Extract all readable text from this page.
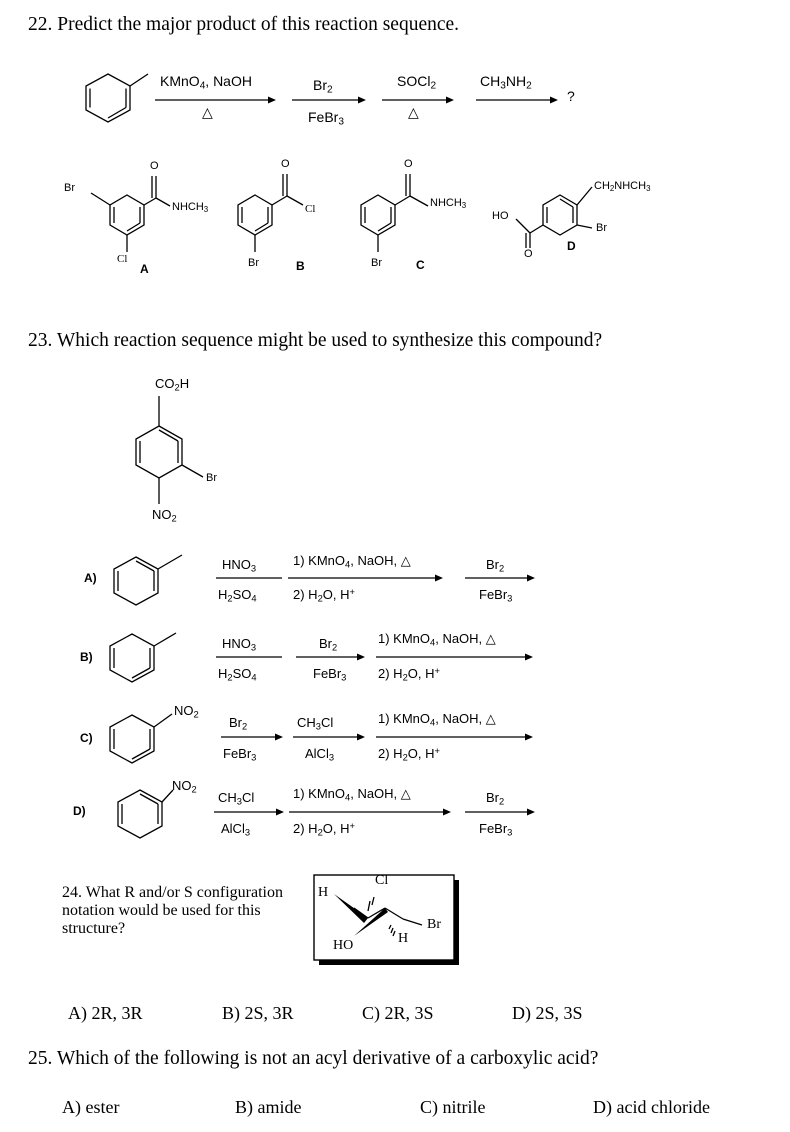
22. Predict the major product of this reaction sequence.
KMnO$_4$, NaOH
△
$Br_2$
FeBr$_3$
SOCl$_2$
△
$CH_3NH_2$
?
Br
Cl
O
$NHCH_3$
A
O
Cl
Br	B
O
$NHCH_3$
Br	C
$CH_2NHCH_3$
Br
HO
O
D
23. Which reaction sequence might be used to synthesize this compound?
$CO_2H$
Br
$NO_2$
A)
$HNO_3$
$H_2SO_4$
1) KMnO$_4$, NaOH, △
2) $H_2O$, H+
$Br_2$
FeBr$_3$
B)
$HNO_3$
$H_2SO_4$
$Br_2$
FeBr$_3$
1) KMnO$_4$, NaOH, △
2) $H_2O$, H+
C)
$NO_2$
$Br_2$
FeBr$_3$
$CH_3Cl$
AlCl$_3$
1) KMnO$_4$, NaOH, △
2) $H_2O$, H+
D)
$NO_2$
$CH_3Cl$
AlCl$_3$
1) KMnO$_4$, NaOH, △
2) $H_2O$, H+
$Br_2$
FeBr$_3$
24. What R and/or S configuration notation would be used for this structure?
H
Cl
Br
HO	H
A) 2R, 3R	B) 2S, 3R	C) 2R, 3S	D) 2S, 3S
25. Which of the following is not an acyl derivative of a carboxylic acid?
A) ester	B) amide	C) nitrile	D) acid chloride
